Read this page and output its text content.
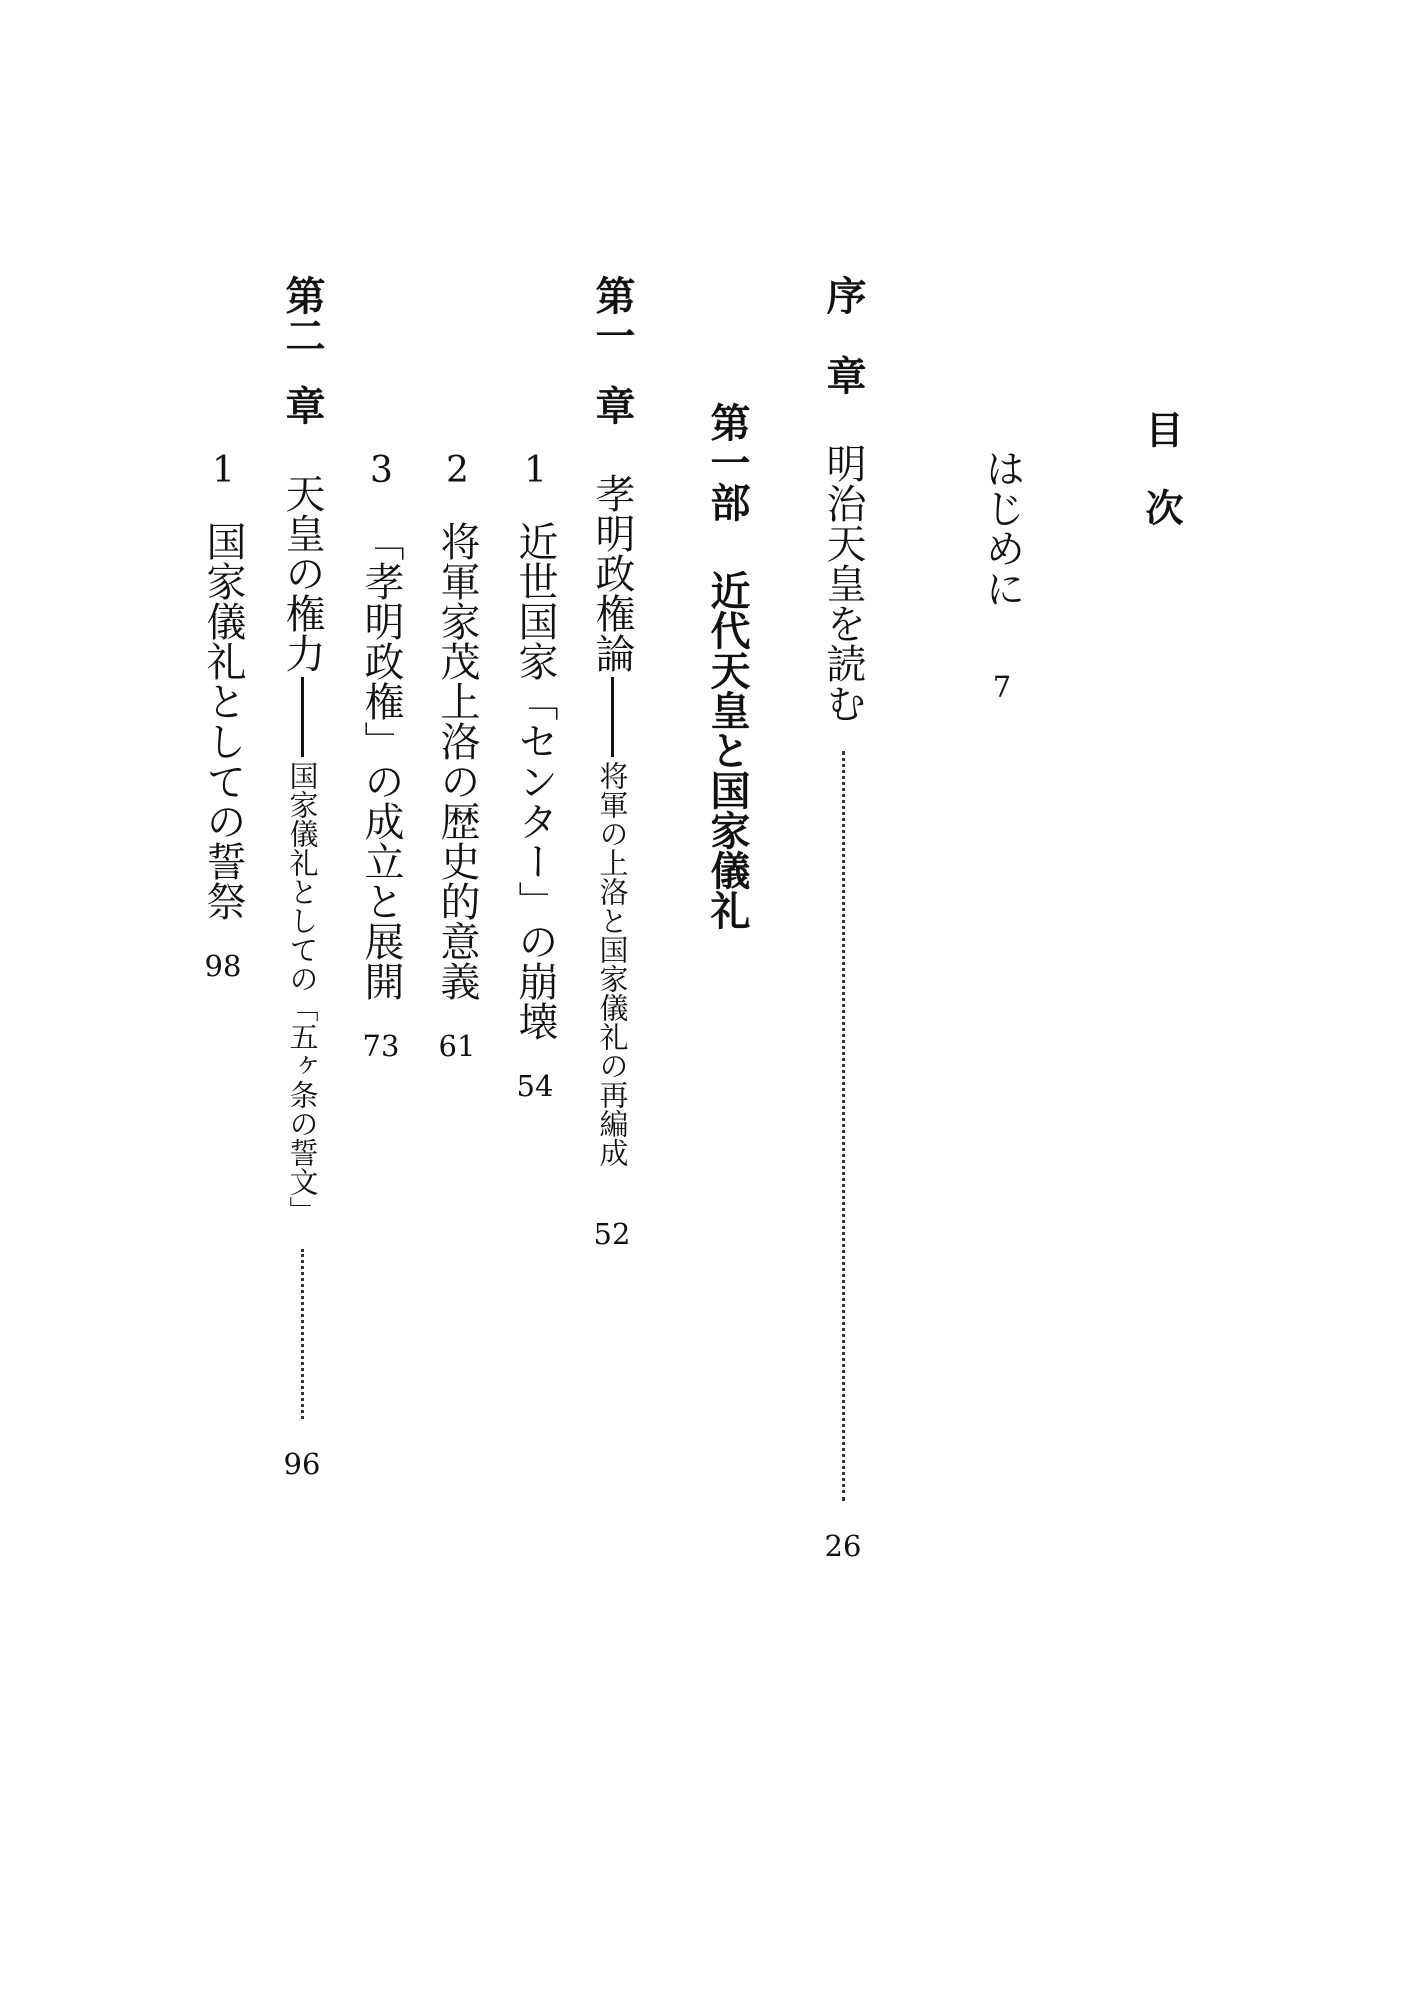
目
次
はじめに
7
序
章
明治天皇を読む
26
第一部
近代天皇と国家儀礼
第一
章
孝明政権論
将軍の上洛と国家儀礼の再編成
52
1
近世国家「センター」の崩壊
54
2
将軍家茂上洛の歴史的意義
61
3
「孝明政権」の成立と展開
73
第二
章
天皇の権力
国家儀礼としての「五ヶ条の誓文」
96
1
国家儀礼としての誓祭
98
